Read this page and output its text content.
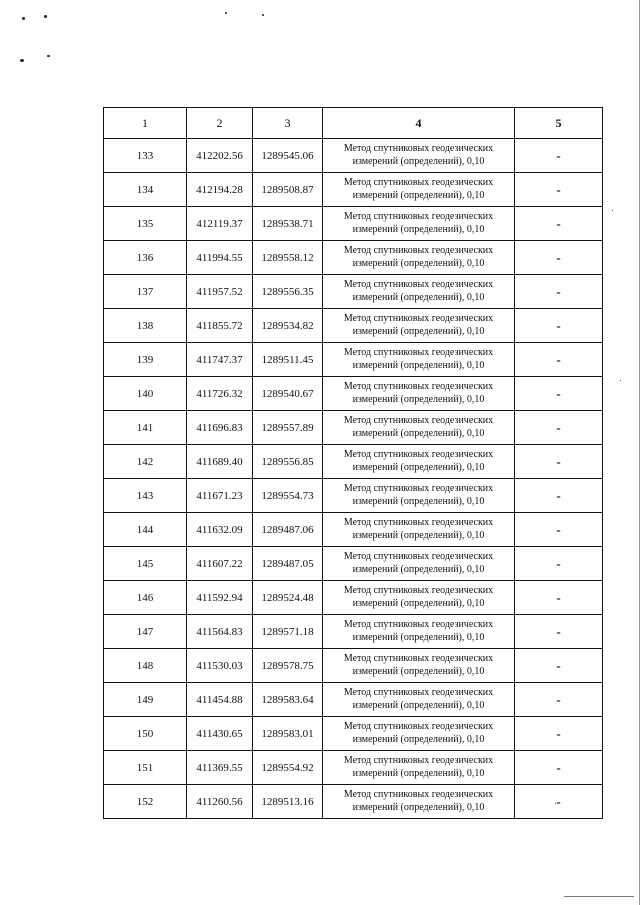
1	2	3	4	5
133	412202.56	1289545.06	Метод спутниковых геодезических измерений (определений), 0,10	-
134	412194.28	1289508.87	Метод спутниковых геодезических измерений (определений), 0,10	-
135	412119.37	1289538.71	Метод спутниковых геодезических измерений (определений), 0,10	-
136	411994.55	1289558.12	Метод спутниковых геодезических измерений (определений), 0,10	-
137	411957.52	1289556.35	Метод спутниковых геодезических измерений (определений), 0,10	-
138	411855.72	1289534.82	Метод спутниковых геодезических измерений (определений), 0,10	-
139	411747.37	1289511.45	Метод спутниковых геодезических измерений (определений), 0,10	-
140	411726.32	1289540.67	Метод спутниковых геодезических измерений (определений), 0,10	-
141	411696.83	1289557.89	Метод спутниковых геодезических измерений (определений), 0,10	-
142	411689.40	1289556.85	Метод спутниковых геодезических измерений (определений), 0,10	-
143	411671.23	1289554.73	Метод спутниковых геодезических измерений (определений), 0,10	-
144	411632.09	1289487.06	Метод спутниковых геодезических измерений (определений), 0,10	-
145	411607.22	1289487.05	Метод спутниковых геодезических измерений (определений), 0,10	-
146	411592.94	1289524.48	Метод спутниковых геодезических измерений (определений), 0,10	-
147	411564.83	1289571.18	Метод спутниковых геодезических измерений (определений), 0,10	-
148	411530.03	1289578.75	Метод спутниковых геодезических измерений (определений), 0,10	-
149	411454.88	1289583.64	Метод спутниковых геодезических измерений (определений), 0,10	-
150	411430.65	1289583.01	Метод спутниковых геодезических измерений (определений), 0,10	-
151	411369.55	1289554.92	Метод спутниковых геодезических измерений (определений), 0,10	-
152	411260.56	1289513.16	Метод спутниковых геодезических измерений (определений), 0,10	-
